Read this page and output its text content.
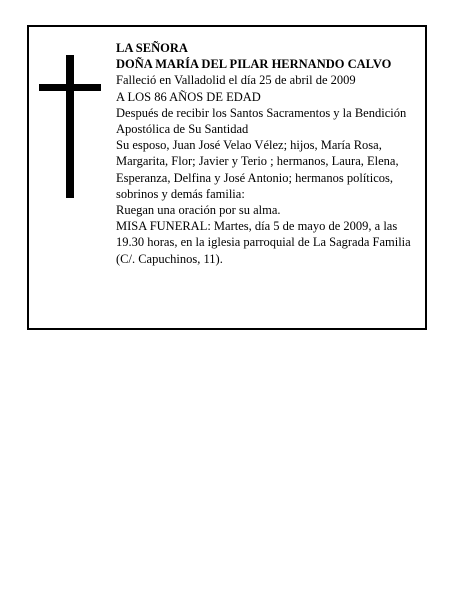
LA SEÑORA

DOÑA MARÍA DEL PILAR HERNANDO CALVO

Falleció en Valladolid el día 25 de abril de 2009

A LOS 86 AÑOS DE EDAD

Después de recibir los Santos Sacramentos y la Bendición Apostólica de Su Santidad

Su esposo, Juan José Velao Vélez; hijos, María Rosa, Margarita, Flor; Javier y Terio ; hermanos, Laura, Elena, Esperanza, Delfina y José Antonio; hermanos políticos, sobrinos y demás familia:

Ruegan una oración por su alma.

MISA FUNERAL: Martes, día 5 de mayo de 2009, a las 19.30 horas, en la iglesia parroquial de La Sagrada Familia (C/. Capuchinos, 11).
